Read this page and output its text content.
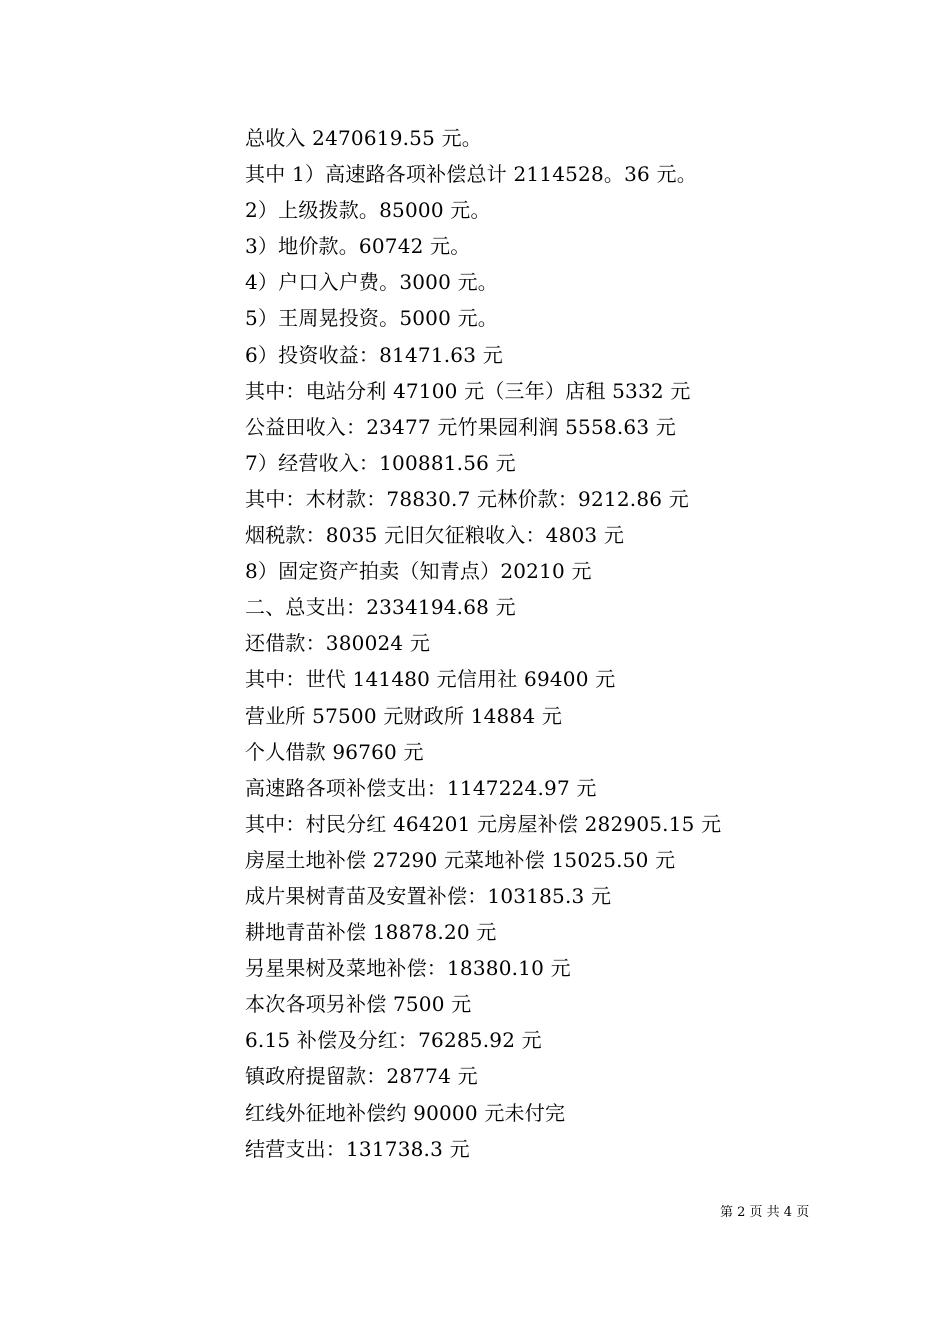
总收入 2470619.55 元。
其中 1）高速路各项补偿总计 2114528。36 元。
2）上级拨款。85000 元。
3）地价款。60742 元。
4）户口入户费。3000 元。
5）王周晃投资。5000 元。
6）投资收益：81471.63 元
其中：电站分利 47100 元（三年）店租 5332 元
公益田收入：23477 元竹果园利润 5558.63 元
7）经营收入：100881.56 元
其中：木材款：78830.7 元林价款：9212.86 元
烟税款：8035 元旧欠征粮收入：4803 元
8）固定资产拍卖（知青点）20210 元
二、总支出：2334194.68 元
还借款：380024 元
其中：世代 141480 元信用社 69400 元
营业所 57500 元财政所 14884 元
个人借款 96760 元
高速路各项补偿支出：1147224.97 元
其中：村民分红 464201 元房屋补偿 282905.15 元
房屋土地补偿 27290 元菜地补偿 15025.50 元
成片果树青苗及安置补偿：103185.3 元
耕地青苗补偿 18878.20 元
另星果树及菜地补偿：18380.10 元
本次各项另补偿 7500 元
6.15 补偿及分红：76285.92 元
镇政府提留款：28774 元
红线外征地补偿约 90000 元未付完
结营支出：131738.3 元
第 2 页 共 4 页
